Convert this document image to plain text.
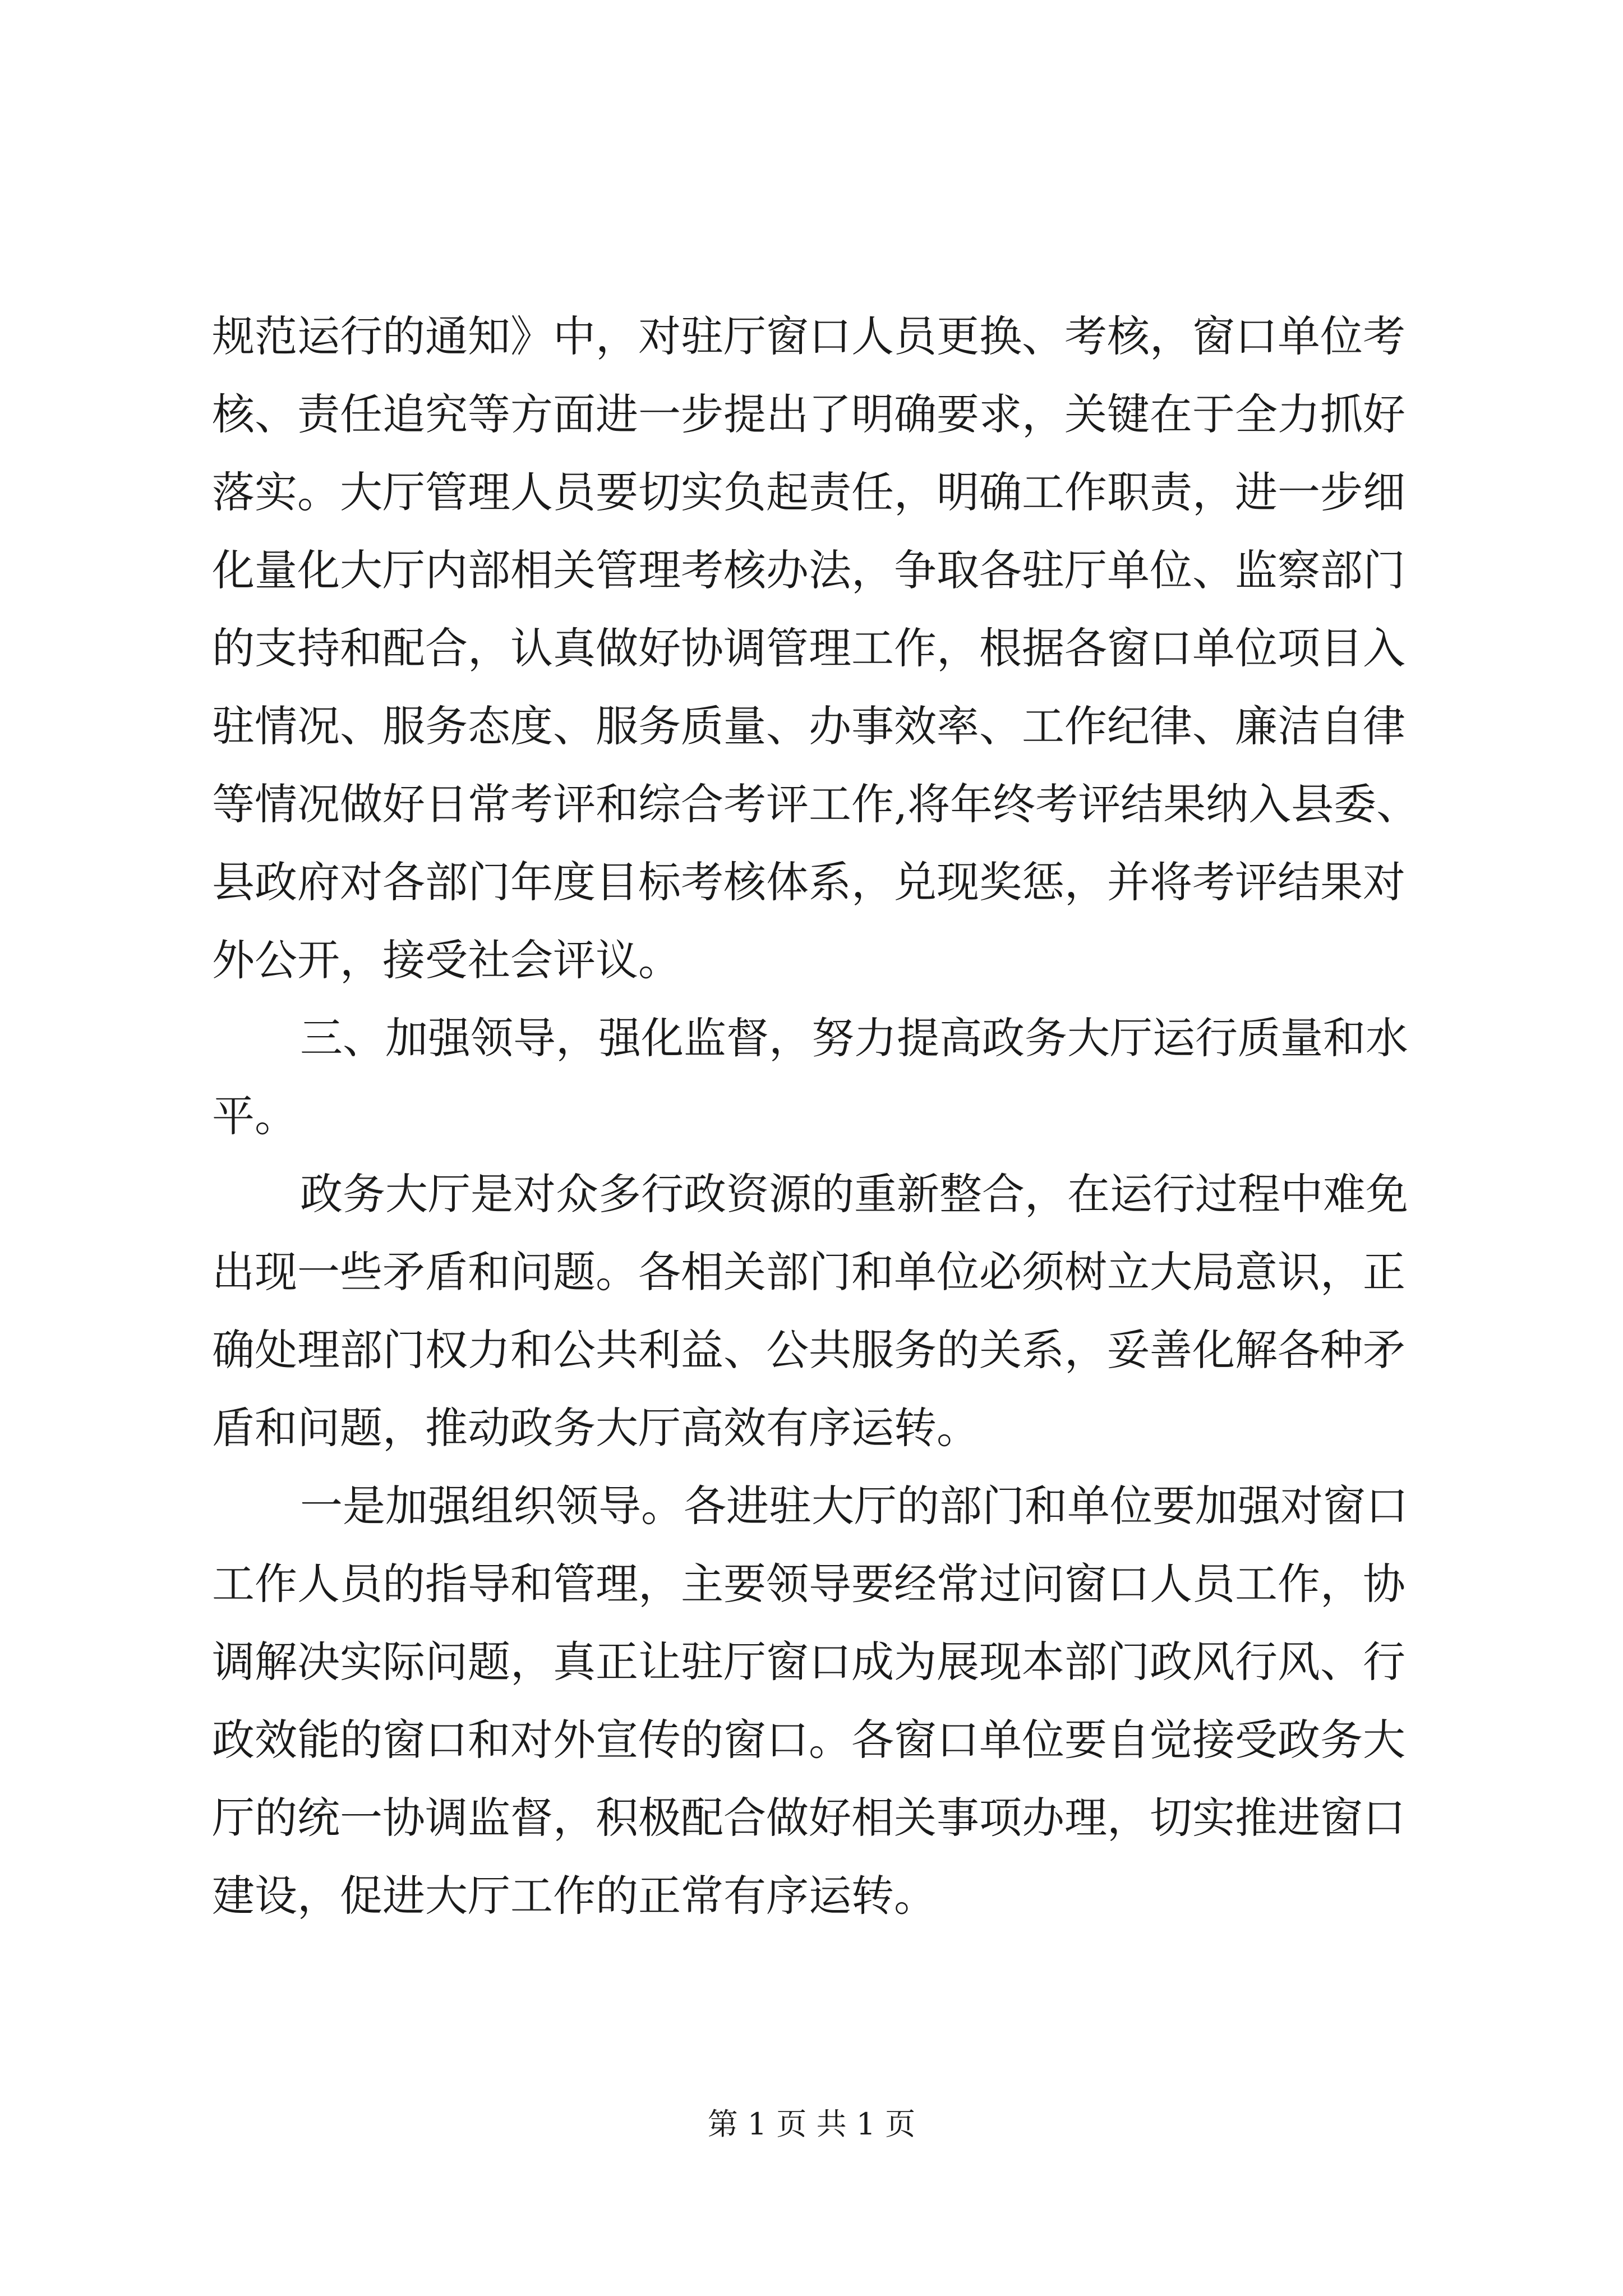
规范运行的通知》中，对驻厅窗口人员更换、考核，窗口单位考

核、责任追究等方面进一步提出了明确要求，关键在于全力抓好

落实。大厅管理人员要切实负起责任，明确工作职责，进一步细

化量化大厅内部相关管理考核办法，争取各驻厅单位、监察部门

的支持和配合，认真做好协调管理工作，根据各窗口单位项目入

驻情况、服务态度、服务质量、办事效率、工作纪律、廉洁自律

等情况做好日常考评和综合考评工作,将年终考评结果纳入县委、

县政府对各部门年度目标考核体系，兑现奖惩，并将考评结果对

外公开，接受社会评议。

三、加强领导，强化监督，努力提高政务大厅运行质量和水

平。

政务大厅是对众多行政资源的重新整合，在运行过程中难免

出现一些矛盾和问题。各相关部门和单位必须树立大局意识，正

确处理部门权力和公共利益、公共服务的关系，妥善化解各种矛

盾和问题，推动政务大厅高效有序运转。

一是加强组织领导。各进驻大厅的部门和单位要加强对窗口

工作人员的指导和管理，主要领导要经常过问窗口人员工作，协

调解决实际问题，真正让驻厅窗口成为展现本部门政风行风、行

政效能的窗口和对外宣传的窗口。各窗口单位要自觉接受政务大

厅的统一协调监督，积极配合做好相关事项办理，切实推进窗口

建设，促进大厅工作的正常有序运转。

第 1 页 共 1 页
